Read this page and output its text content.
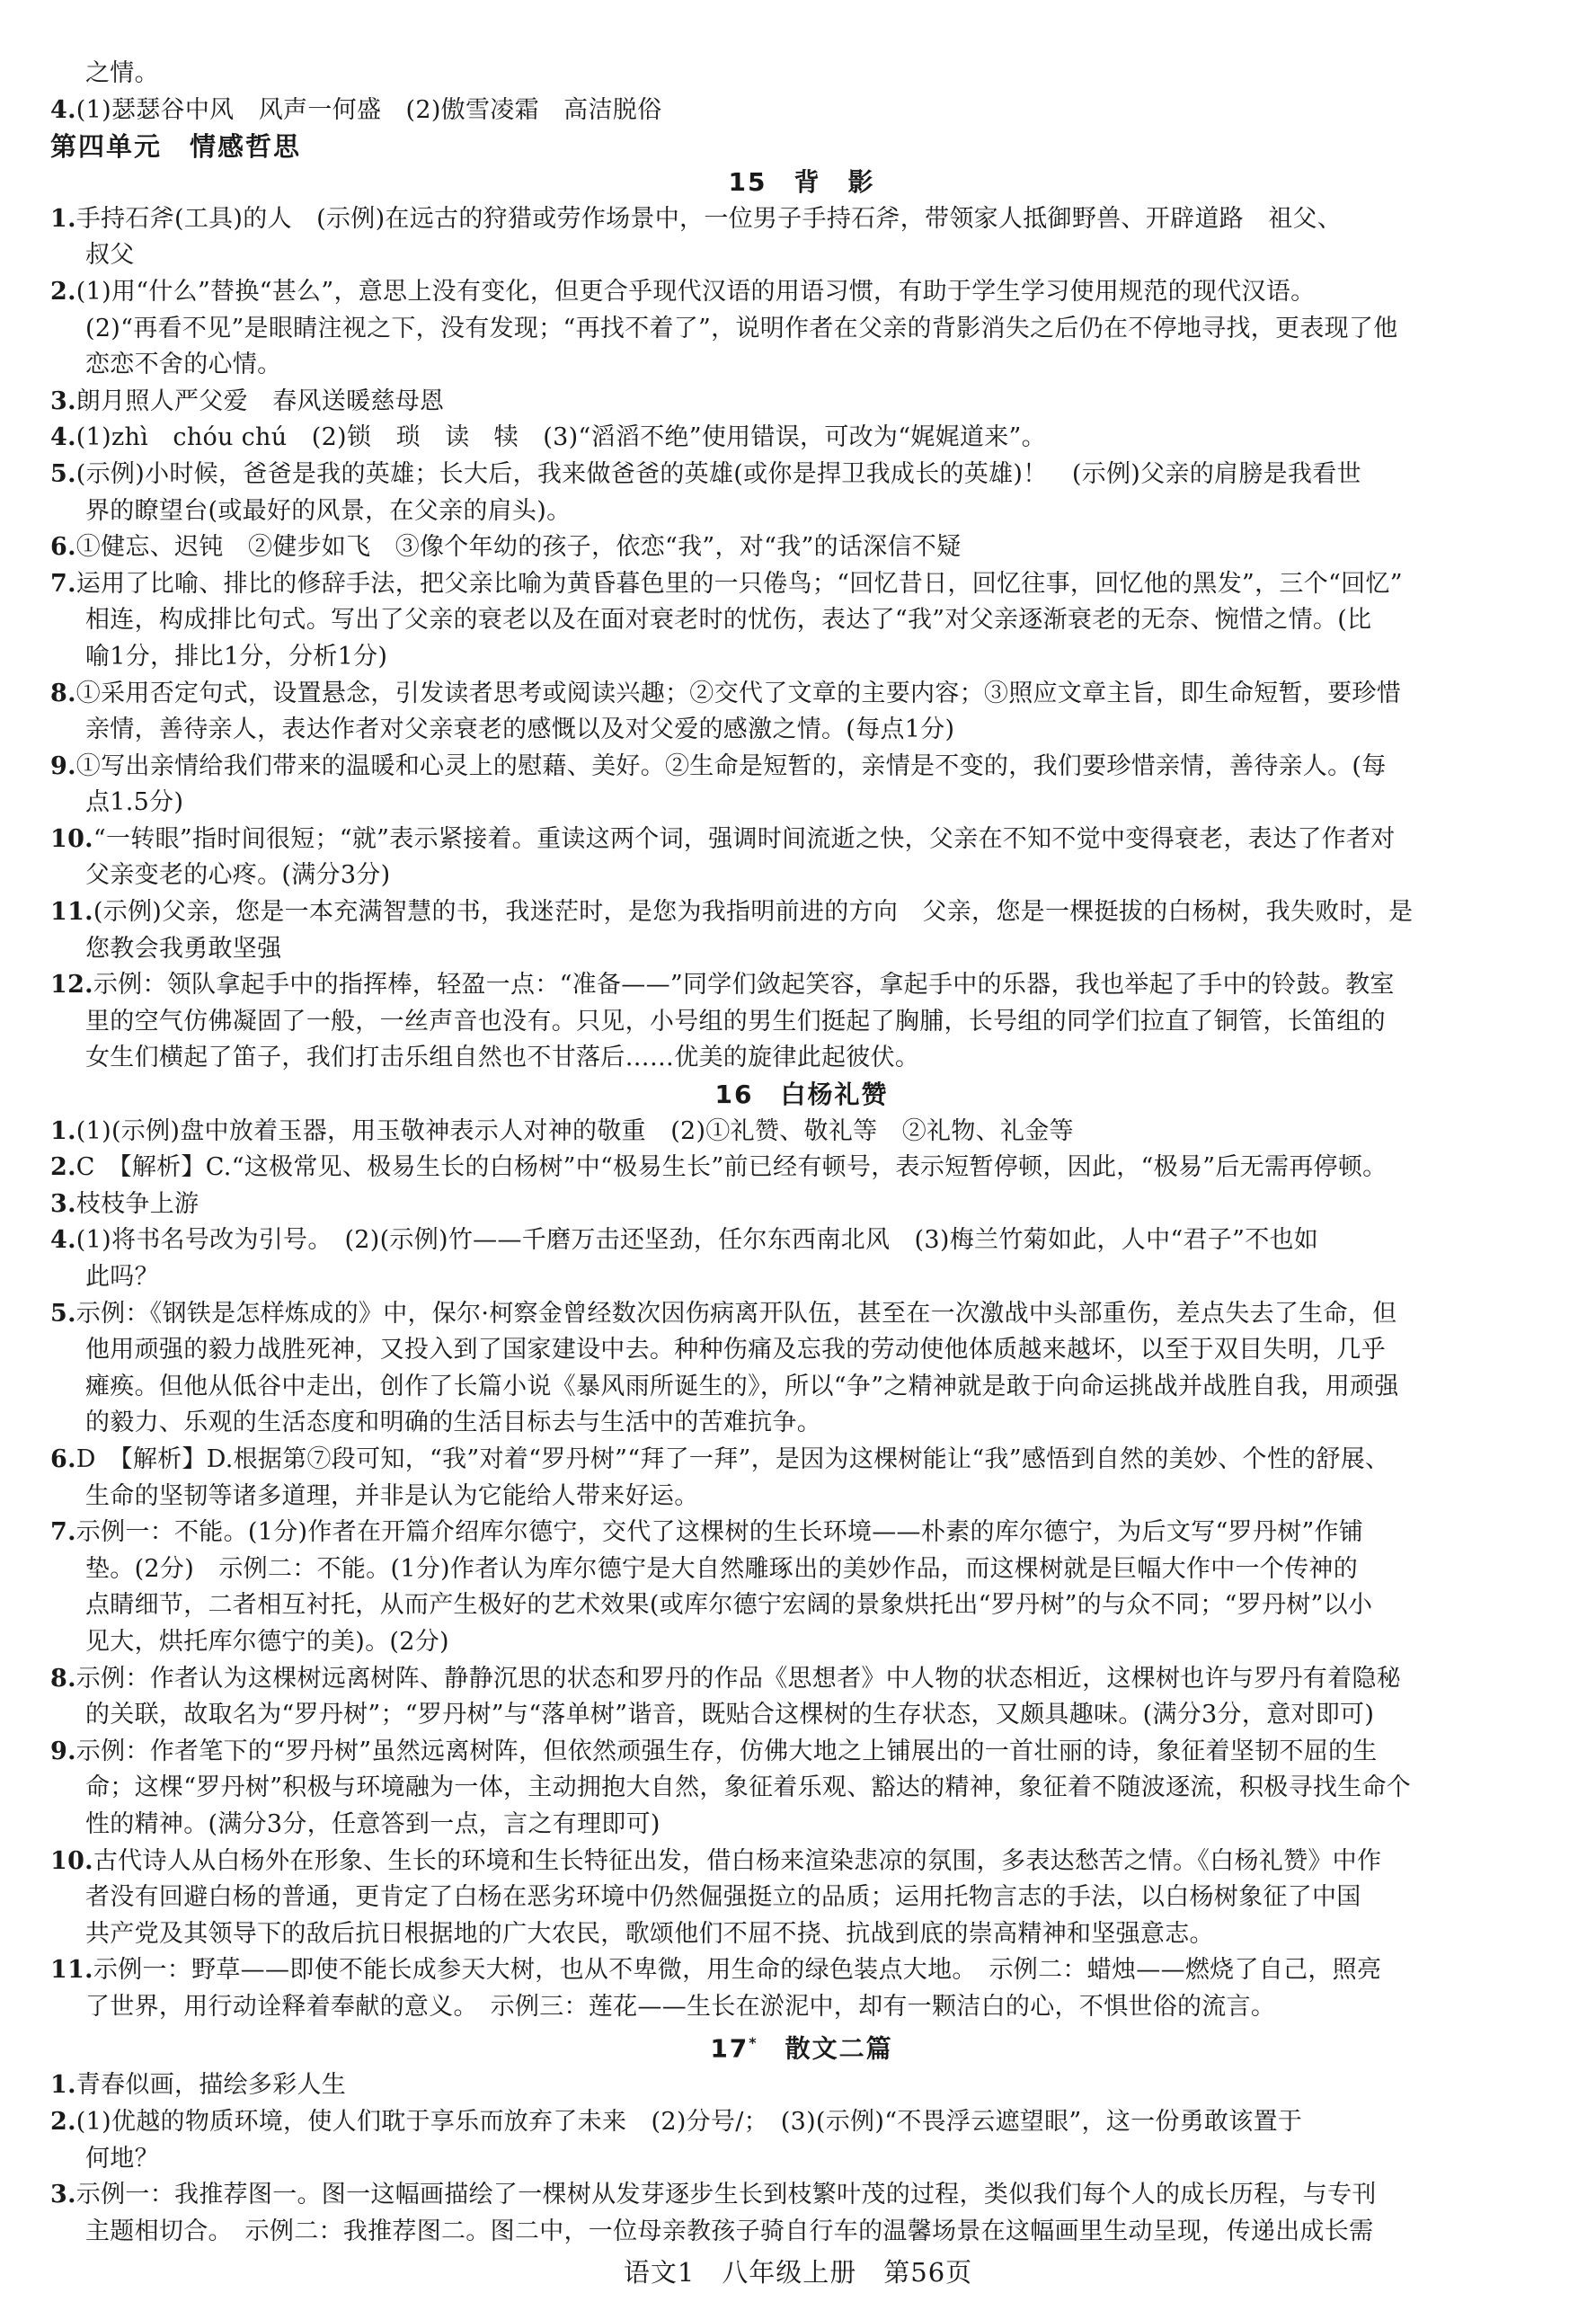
之情。

4.(1)瑟瑟谷中风　风声一何盛　(2)傲雪凌霜　高洁脱俗

第四单元　情感哲思

15　背　影

1.手持石斧(工具)的人　(示例)在远古的狩猎或劳作场景中，一位男子手持石斧，带领家人抵御野兽、开辟道路　祖父、

叔父

2.(1)用“什么”替换“甚么”，意思上没有变化，但更合乎现代汉语的用语习惯，有助于学生学习使用规范的现代汉语。

(2)“再看不见”是眼睛注视之下，没有发现；“再找不着了”，说明作者在父亲的背影消失之后仍在不停地寻找，更表现了他

恋恋不舍的心情。

3.朗月照人严父爱　春风送暖慈母恩

4.(1)zhì　chóu chú　(2)锁　琐　读　犊　(3)“滔滔不绝”使用错误，可改为“娓娓道来”。

5.(示例)小时候，爸爸是我的英雄；长大后，我来做爸爸的英雄(或你是捍卫我成长的英雄)！　(示例)父亲的肩膀是我看世

界的瞭望台(或最好的风景，在父亲的肩头)。

6.①健忘、迟钝　②健步如飞　③像个年幼的孩子，依恋“我”，对“我”的话深信不疑

7.运用了比喻、排比的修辞手法，把父亲比喻为黄昏暮色里的一只倦鸟；“回忆昔日，回忆往事，回忆他的黑发”，三个“回忆”

相连，构成排比句式。写出了父亲的衰老以及在面对衰老时的忧伤，表达了“我”对父亲逐渐衰老的无奈、惋惜之情。(比

喻1分，排比1分，分析1分)

8.①采用否定句式，设置悬念，引发读者思考或阅读兴趣；②交代了文章的主要内容；③照应文章主旨，即生命短暂，要珍惜

亲情，善待亲人，表达作者对父亲衰老的感慨以及对父爱的感激之情。(每点1分)

9.①写出亲情给我们带来的温暖和心灵上的慰藉、美好。②生命是短暂的，亲情是不变的，我们要珍惜亲情，善待亲人。(每

点1.5分)

10.“一转眼”指时间很短；“就”表示紧接着。重读这两个词，强调时间流逝之快，父亲在不知不觉中变得衰老，表达了作者对

父亲变老的心疼。(满分3分)

11.(示例)父亲，您是一本充满智慧的书，我迷茫时，是您为我指明前进的方向　父亲，您是一棵挺拔的白杨树，我失败时，是

您教会我勇敢坚强

12.示例：领队拿起手中的指挥棒，轻盈一点：“准备——”同学们敛起笑容，拿起手中的乐器，我也举起了手中的铃鼓。教室

里的空气仿佛凝固了一般，一丝声音也没有。只见，小号组的男生们挺起了胸脯，长号组的同学们拉直了铜管，长笛组的

女生们横起了笛子，我们打击乐组自然也不甘落后……优美的旋律此起彼伏。

16　白杨礼赞

1.(1)(示例)盘中放着玉器，用玉敬神表示人对神的敬重　(2)①礼赞、敬礼等　②礼物、礼金等

2.C　【解析】C.“这极常见、极易生长的白杨树”中“极易生长”前已经有顿号，表示短暂停顿，因此，“极易”后无需再停顿。

3.枝枝争上游

4.(1)将书名号改为引号。　(2)(示例)竹——千磨万击还坚劲，任尔东西南北风　(3)梅兰竹菊如此，人中“君子”不也如

此吗？

5.示例：《钢铁是怎样炼成的》中，保尔·柯察金曾经数次因伤病离开队伍，甚至在一次激战中头部重伤，差点失去了生命，但

他用顽强的毅力战胜死神，又投入到了国家建设中去。种种伤痛及忘我的劳动使他体质越来越坏，以至于双目失明，几乎

瘫痪。但他从低谷中走出，创作了长篇小说《暴风雨所诞生的》，所以“争”之精神就是敢于向命运挑战并战胜自我，用顽强

的毅力、乐观的生活态度和明确的生活目标去与生活中的苦难抗争。

6.D　【解析】D.根据第⑦段可知，“我”对着“罗丹树”“拜了一拜”，是因为这棵树能让“我”感悟到自然的美妙、个性的舒展、

生命的坚韧等诸多道理，并非是认为它能给人带来好运。

7.示例一：不能。(1分)作者在开篇介绍库尔德宁，交代了这棵树的生长环境——朴素的库尔德宁，为后文写“罗丹树”作铺

垫。(2分)　示例二：不能。(1分)作者认为库尔德宁是大自然雕琢出的美妙作品，而这棵树就是巨幅大作中一个传神的

点睛细节，二者相互衬托，从而产生极好的艺术效果(或库尔德宁宏阔的景象烘托出“罗丹树”的与众不同；“罗丹树”以小

见大，烘托库尔德宁的美)。(2分)

8.示例：作者认为这棵树远离树阵、静静沉思的状态和罗丹的作品《思想者》中人物的状态相近，这棵树也许与罗丹有着隐秘

的关联，故取名为“罗丹树”；“罗丹树”与“落单树”谐音，既贴合这棵树的生存状态，又颇具趣味。(满分3分，意对即可)

9.示例：作者笔下的“罗丹树”虽然远离树阵，但依然顽强生存，仿佛大地之上铺展出的一首壮丽的诗，象征着坚韧不屈的生

命；这棵“罗丹树”积极与环境融为一体，主动拥抱大自然，象征着乐观、豁达的精神，象征着不随波逐流，积极寻找生命个

性的精神。(满分3分，任意答到一点，言之有理即可)

10.古代诗人从白杨外在形象、生长的环境和生长特征出发，借白杨来渲染悲凉的氛围，多表达愁苦之情。《白杨礼赞》中作

者没有回避白杨的普通，更肯定了白杨在恶劣环境中仍然倔强挺立的品质；运用托物言志的手法，以白杨树象征了中国

共产党及其领导下的敌后抗日根据地的广大农民，歌颂他们不屈不挠、抗战到底的崇高精神和坚强意志。

11.示例一：野草——即使不能长成参天大树，也从不卑微，用生命的绿色装点大地。　示例二：蜡烛——燃烧了自己，照亮

了世界，用行动诠释着奉献的意义。　示例三：莲花——生长在淤泥中，却有一颗洁白的心，不惧世俗的流言。

17*　散文二篇

1.青春似画，描绘多彩人生

2.(1)优越的物质环境，使人们耽于享乐而放弃了未来　(2)分号/；　(3)(示例)“不畏浮云遮望眼”，这一份勇敢该置于

何地？

3.示例一：我推荐图一。图一这幅画描绘了一棵树从发芽逐步生长到枝繁叶茂的过程，类似我们每个人的成长历程，与专刊

主题相切合。　示例二：我推荐图二。图二中，一位母亲教孩子骑自行车的温馨场景在这幅画里生动呈现，传递出成长需

语文1　八年级上册　第56页
